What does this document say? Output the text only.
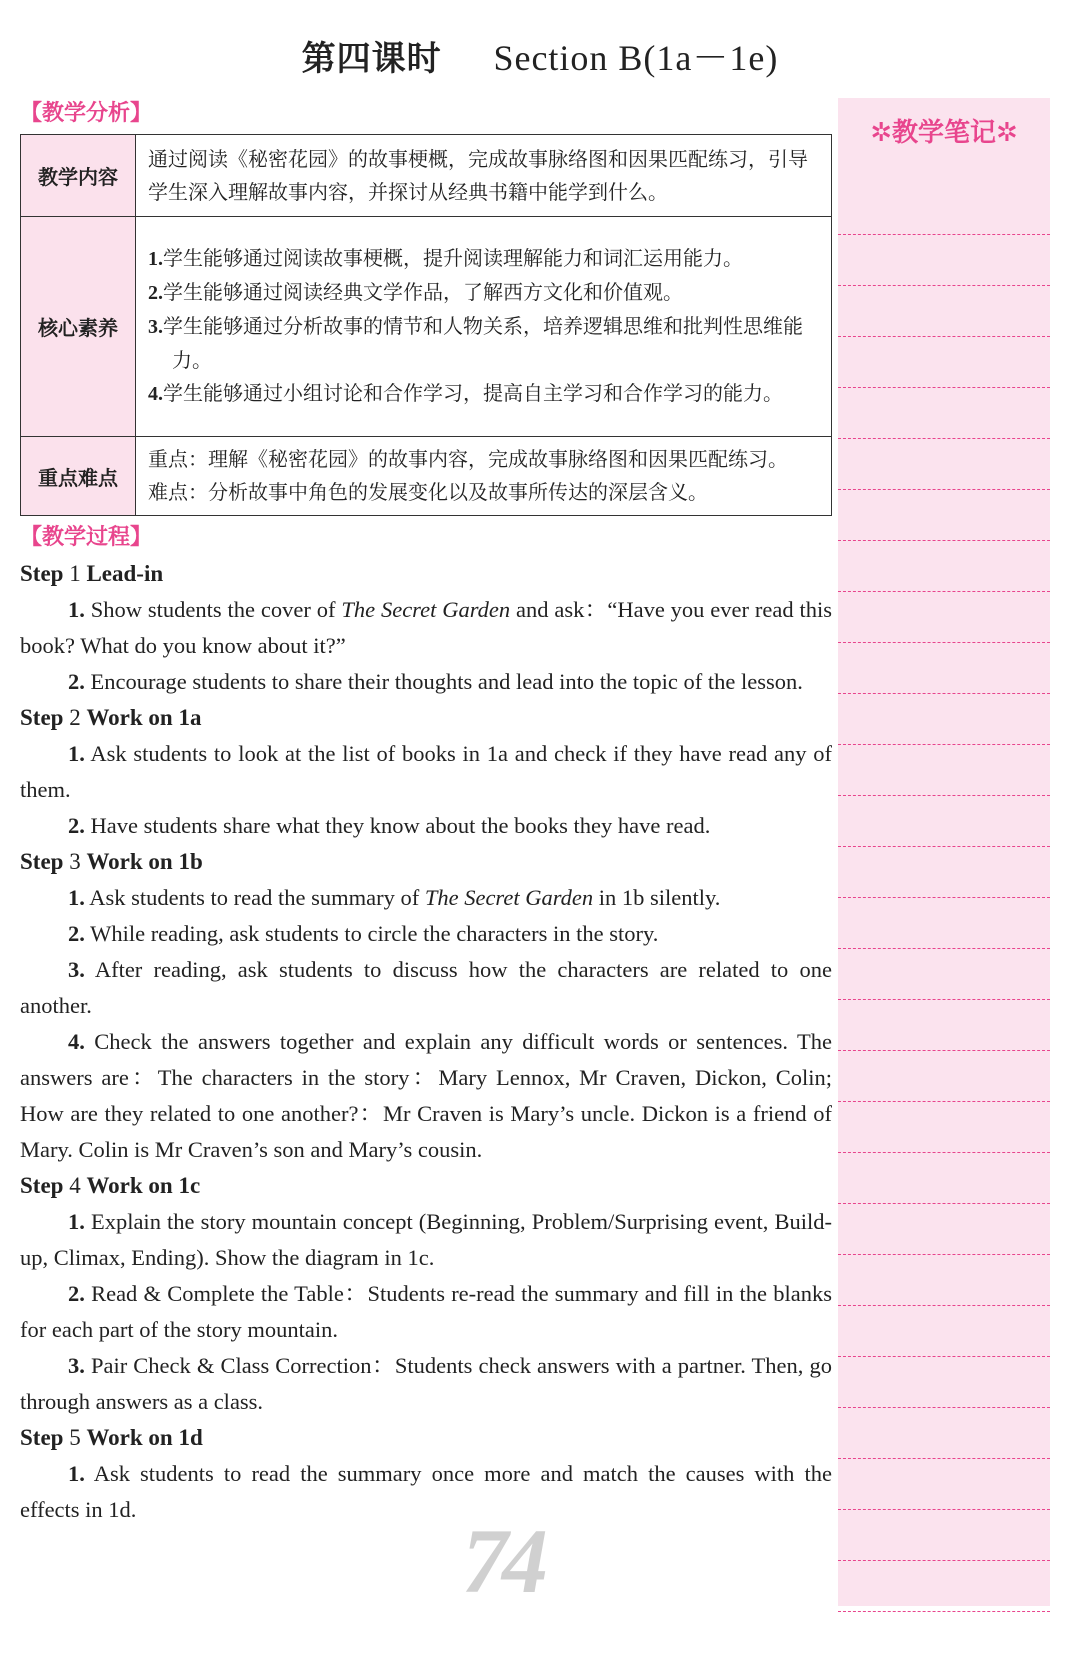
第四课时 Section B(1a－1e)
【教学分析】
教学内容	通过阅读《秘密花园》的故事梗概，完成故事脉络图和因果匹配练习，引导学生深入理解故事内容，并探讨从经典书籍中能学到什么。
核心素养	1.学生能够通过阅读故事梗概，提升阅读理解能力和词汇运用能力。
2.学生能够通过阅读经典文学作品，了解西方文化和价值观。
3.学生能够通过分析故事的情节和人物关系，培养逻辑思维和批判性思维能力。
4.学生能够通过小组讨论和合作学习，提高自主学习和合作学习的能力。

重点难点	重点：理解《秘密花园》的故事内容，完成故事脉络图和因果匹配练习。
难点：分析故事中角色的发展变化以及故事所传达的深层含义。
【教学过程】
Step 1 Lead-in
1. Show students the cover of The Secret Garden and ask：“Have you ever read this book? What do you know about it?”
2. Encourage students to share their thoughts and lead into the topic of the lesson.
Step 2 Work on 1a
1. Ask students to look at the list of books in 1a and check if they have read any of them.
2. Have students share what they know about the books they have read.
Step 3 Work on 1b
1. Ask students to read the summary of The Secret Garden in 1b silently.
2. While reading, ask students to circle the characters in the story.
3. After reading, ask students to discuss how the characters are related to one another.
4. Check the answers together and explain any difficult words or sentences. The answers are：The characters in the story：Mary Lennox, Mr Craven, Dickon, Colin; How are they related to one another?：Mr Craven is Mary’s uncle. Dickon is a friend of Mary. Colin is Mr Craven’s son and Mary’s cousin.
Step 4 Work on 1c
1. Explain the story mountain concept (Beginning, Problem/Surprising event, Build-up, Climax, Ending). Show the diagram in 1c.
2. Read & Complete the Table：Students re-read the summary and fill in the blanks for each part of the story mountain.
3. Pair Check & Class Correction：Students check answers with a partner. Then, go through answers as a class.
Step 5 Work on 1d
1. Ask students to read the summary once more and match the causes with the effects in 1d.
74
✲教学笔记✲
